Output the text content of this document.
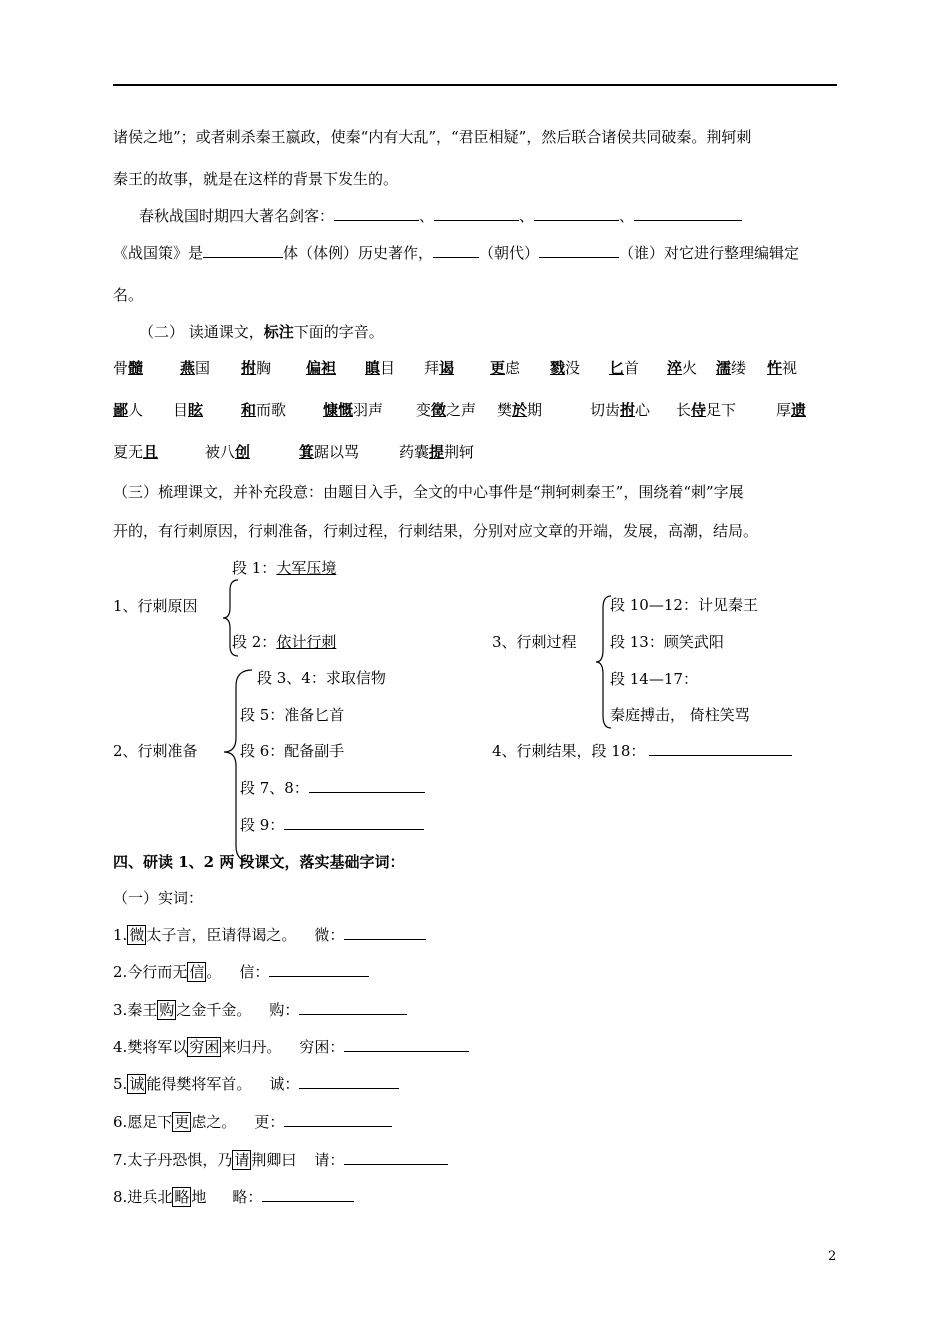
诸侯之地”；或者刺杀秦王嬴政，使秦“内有大乱”，“君臣相疑”，然后联合诸侯共同破秦。荆轲刺
秦王的故事，就是在这样的背景下发生的。
春秋战国时期四大著名剑客：	、	、	、
《战国策》是	体（体例）历史著作，	（朝代）	（谁）对它进行整理编辑定
名。
（二） 读通课文，标注下面的字音。
骨髓 燕国 拊胸 偏袒 瞋目 拜谒 更虑 戮没 匕首 淬火 濡缕 忤视
鄙人 目眩	和而歌 慷慨羽声 变徵之声 樊於期	切齿拊心 长侍足下	厚遗
夏无且	被八创	箕踞以骂	药囊提荆轲
（三）梳理课文，并补充段意：由题目入手，全文的中心事件是“荆轲刺秦王”，围绕着“刺”字展
开的，有行刺原因，行刺准备，行刺过程，行刺结果，分别对应文章的开端，发展，高潮，结局。
段 1：大军压境
1、行刺原因
段 2：依计行刺
段 10—12：计见秦王
3、行刺过程 段 13：顾笑武阳
段 14—17：
秦庭搏击， 倚柱笑骂
段 3、4：求取信物
段 5：准备匕首
2、行刺准备	段 6：配备副手	4、行刺结果，段 18：
段 7、8：
段 9：
四、研读 1、2 两 段课文，落实基础字词：
（一）实词：
1. 微 太子言，臣请得谒之。 微：
2.今行而无 信 。 信：
3.秦王 购 之金千金。 购：
4.樊将军以 穷困 来归丹。 穷困：
5. 诚 能得樊将军首。 诚：
6.愿足下 更 虑之。 更：
7.太子丹恐惧，乃 请 荆卿曰 请：
8.进兵北 略 地 略：
2
